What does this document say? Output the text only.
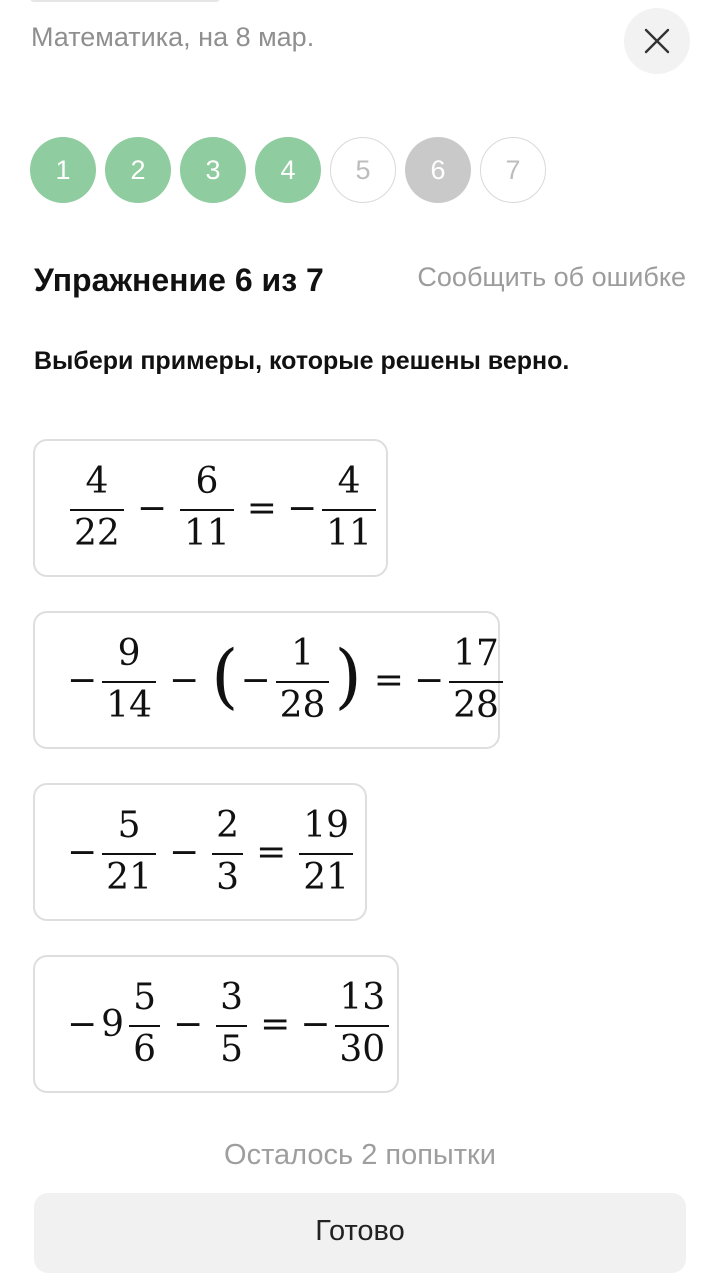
Математика, на 8 мар.
1	2	3	4	5	6	7
Упражнение 6 из 7	Сообщить об ошибке
Выбери примеры, которые решены верно.
$\frac{4}{22} - \frac{6}{11}$ = − $\frac{4}{11}$
− $\frac{9}{14}$ − ( − $\frac{1}{28}$ ) = − $\frac{17}{28}$
− $\frac{5}{21} - \frac{2}{3} = \frac{19}{21}$
− $9 \frac{5}{6} - \frac{3}{5}$ = − $\frac{13}{30}$
Осталось 2 попытки
Готово
